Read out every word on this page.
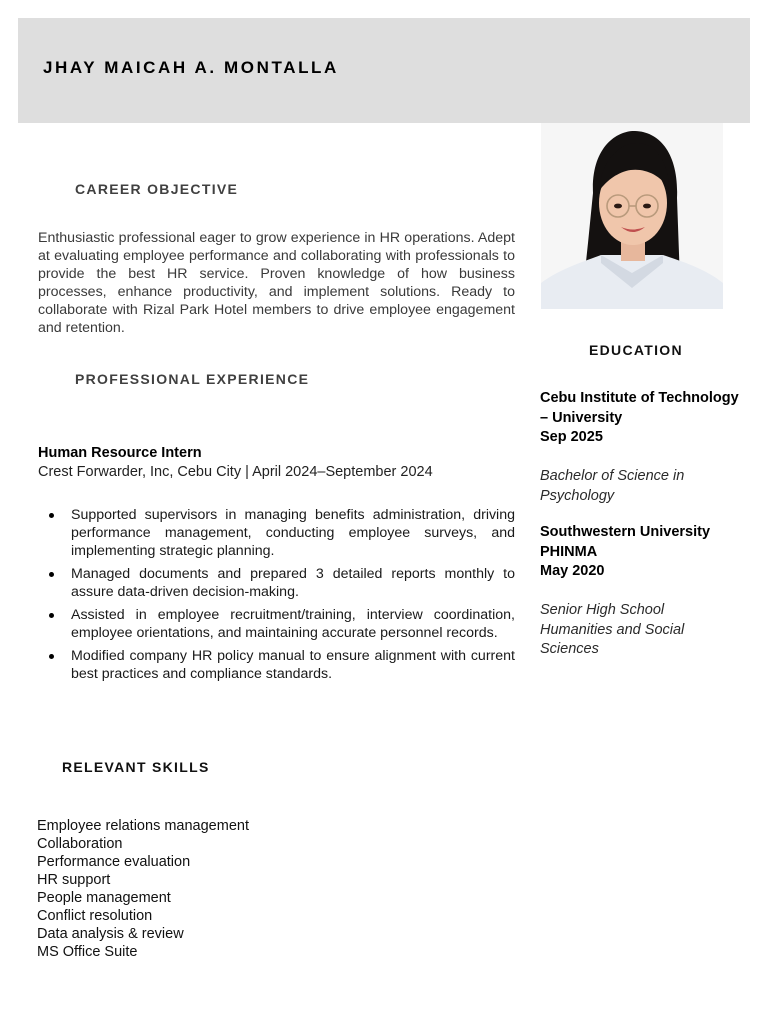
JHAY MAICAH A. MONTALLA
CAREER OBJECTIVE

Enthusiastic professional eager to grow experience in HR operations. Adept at evaluating employee performance and collaborating with professionals to provide the best HR service. Proven knowledge of how business processes, enhance productivity, and implement solutions. Ready to collaborate with Rizal Park Hotel members to drive employee engagement and retention.

PROFESSIONAL EXPERIENCE
Human Resource Intern
Crest Forwarder, Inc, Cebu City | April 2024–September 2024
Supported supervisors in managing benefits administration, driving performance management, conducting employee surveys, and implementing strategic planning.
Managed documents and prepared 3 detailed reports monthly to assure data-driven decision-making.
Assisted in employee recruitment/training, interview coordination, employee orientations, and maintaining accurate personnel records.
Modified company HR policy manual to ensure alignment with current best practices and compliance standards.
RELEVANT SKILLS
Employee relations management
Collaboration
Performance evaluation
HR support
People management
Conflict resolution
Data analysis & review
MS Office Suite
EDUCATION
Cebu Institute of Technology
– University
Sep 2025
Bachelor of Science in
Psychology
Southwestern University
PHINMA
May 2020
Senior High School
Humanities and Social
Sciences
